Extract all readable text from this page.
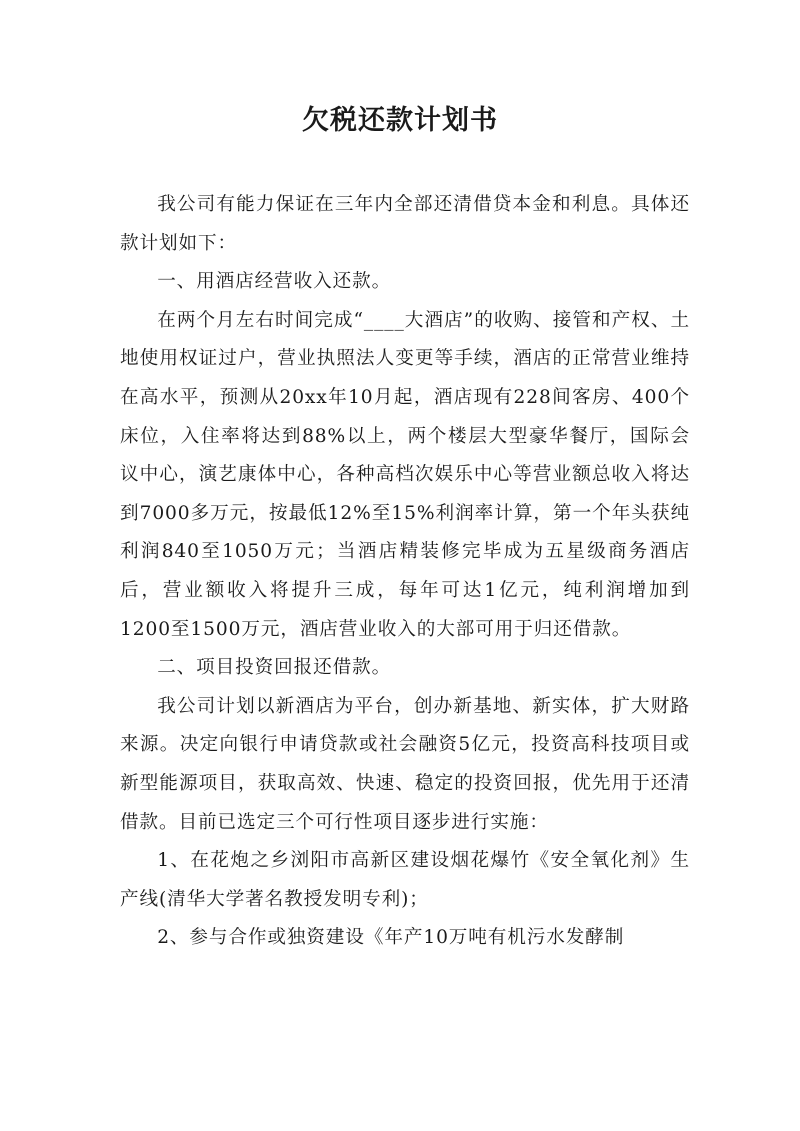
欠税还款计划书

我公司有能力保证在三年内全部还清借贷本金和利息。具体还款计划如下：

一、用酒店经营收入还款。

在两个月左右时间完成“____大酒店”的收购、接管和产权、土地使用权证过户，营业执照法人变更等手续，酒店的正常营业维持在高水平，预测从20xx年10月起，酒店现有228间客房、400个床位，入住率将达到88%以上，两个楼层大型豪华餐厅，国际会议中心，演艺康体中心，各种高档次娱乐中心等营业额总收入将达到7000多万元，按最低12%至15%利润率计算，第一个年头获纯利润840至1050万元；当酒店精装修完毕成为五星级商务酒店后，营业额收入将提升三成，每年可达1亿元，纯利润增加到1200至1500万元，酒店营业收入的大部可用于归还借款。

二、项目投资回报还借款。

我公司计划以新酒店为平台，创办新基地、新实体，扩大财路来源。决定向银行申请贷款或社会融资5亿元，投资高科技项目或新型能源项目，获取高效、快速、稳定的投资回报，优先用于还清借款。目前已选定三个可行性项目逐步进行实施：

1、在花炮之乡浏阳市高新区建设烟花爆竹《安全氧化剂》生产线(清华大学著名教授发明专利)；

2、参与合作或独资建设《年产10万吨有机污水发酵制
